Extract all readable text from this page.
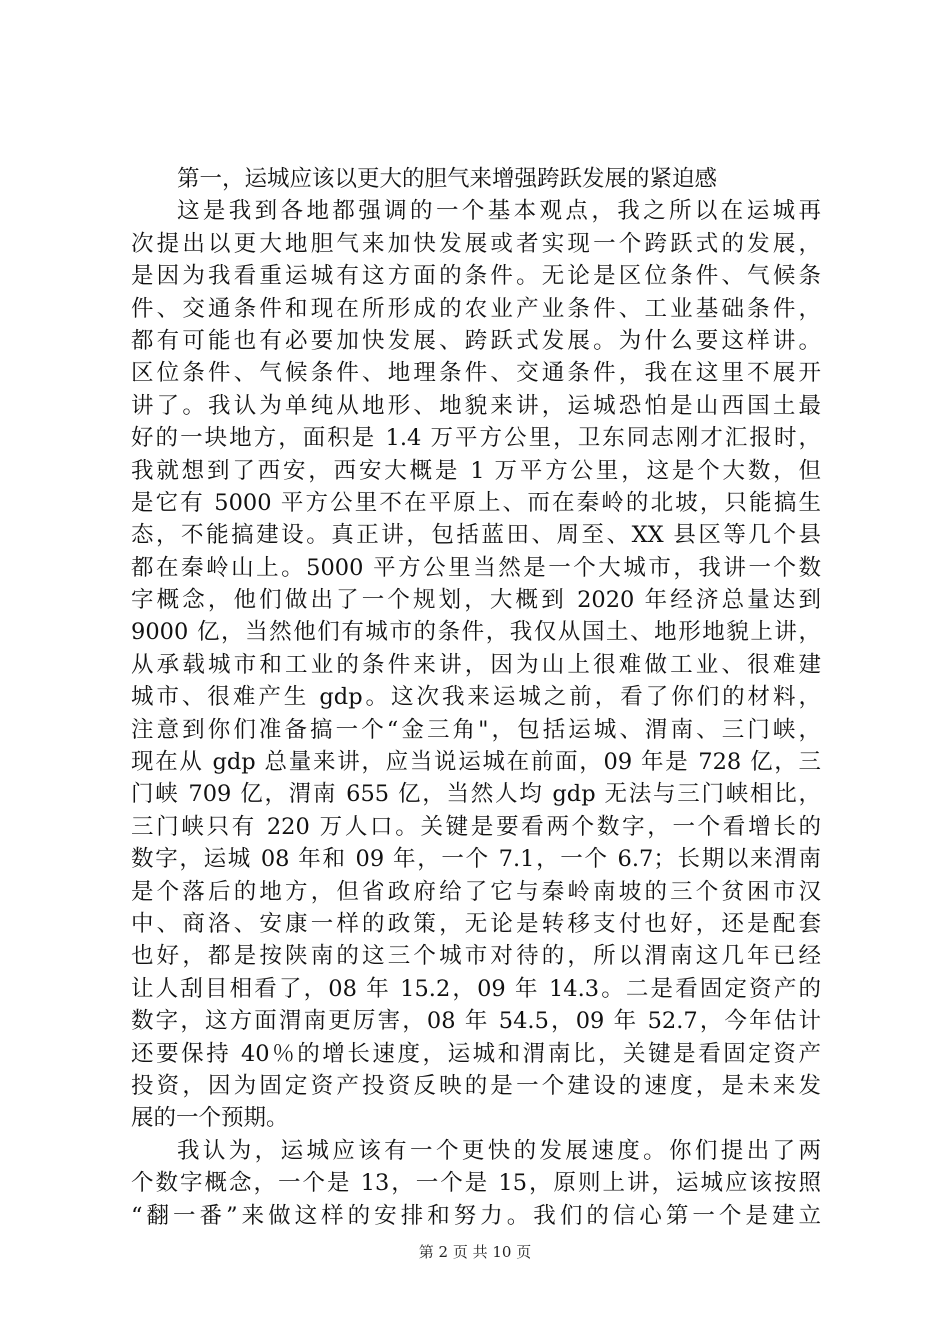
第一，运城应该以更大的胆气来增强跨跃发展的紧迫感
这是我到各地都强调的一个基本观点，我之所以在运城再
次提出以更大地胆气来加快发展或者实现一个跨跃式的发展，
是因为我看重运城有这方面的条件。无论是区位条件、气候条
件、交通条件和现在所形成的农业产业条件、工业基础条件，
都有可能也有必要加快发展、跨跃式发展。为什么要这样讲。
区位条件、气候条件、地理条件、交通条件，我在这里不展开
讲了。我认为单纯从地形、地貌来讲，运城恐怕是山西国土最
好的一块地方，面积是 1.4 万平方公里，卫东同志刚才汇报时，
我就想到了西安，西安大概是 1 万平方公里，这是个大数，但
是它有 5000 平方公里不在平原上、而在秦岭的北坡，只能搞生
态，不能搞建设。真正讲，包括蓝田、周至、XX 县区等几个县
都在秦岭山上。5000 平方公里当然是一个大城市，我讲一个数
字概念，他们做出了一个规划，大概到 2020 年经济总量达到
9000 亿，当然他们有城市的条件，我仅从国土、地形地貌上讲，
从承载城市和工业的条件来讲，因为山上很难做工业、很难建
城市、很难产生 gdp。这次我来运城之前，看了你们的材料，
注意到你们准备搞一个“金三角"，包括运城、渭南、三门峡，
现在从 gdp 总量来讲，应当说运城在前面，09 年是 728 亿，三
门峡 709 亿，渭南 655 亿，当然人均 gdp 无法与三门峡相比，
三门峡只有 220 万人口。关键是要看两个数字，一个看增长的
数字，运城 08 年和 09 年，一个 7.1，一个 6.7；长期以来渭南
是个落后的地方，但省政府给了它与秦岭南坡的三个贫困市汉
中、商洛、安康一样的政策，无论是转移支付也好，还是配套
也好，都是按陕南的这三个城市对待的，所以渭南这几年已经
让人刮目相看了，08 年 15.2，09 年 14.3。二是看固定资产的
数字，这方面渭南更厉害，08 年 54.5，09 年 52.7，今年估计
还要保持 40％的增长速度，运城和渭南比，关键是看固定资产
投资，因为固定资产投资反映的是一个建设的速度，是未来发
展的一个预期。
我认为，运城应该有一个更快的发展速度。你们提出了两
个数字概念，一个是 13，一个是 15，原则上讲，运城应该按照
“翻一番”来做这样的安排和努力。我们的信心第一个是建立
第 2 页 共 10 页
